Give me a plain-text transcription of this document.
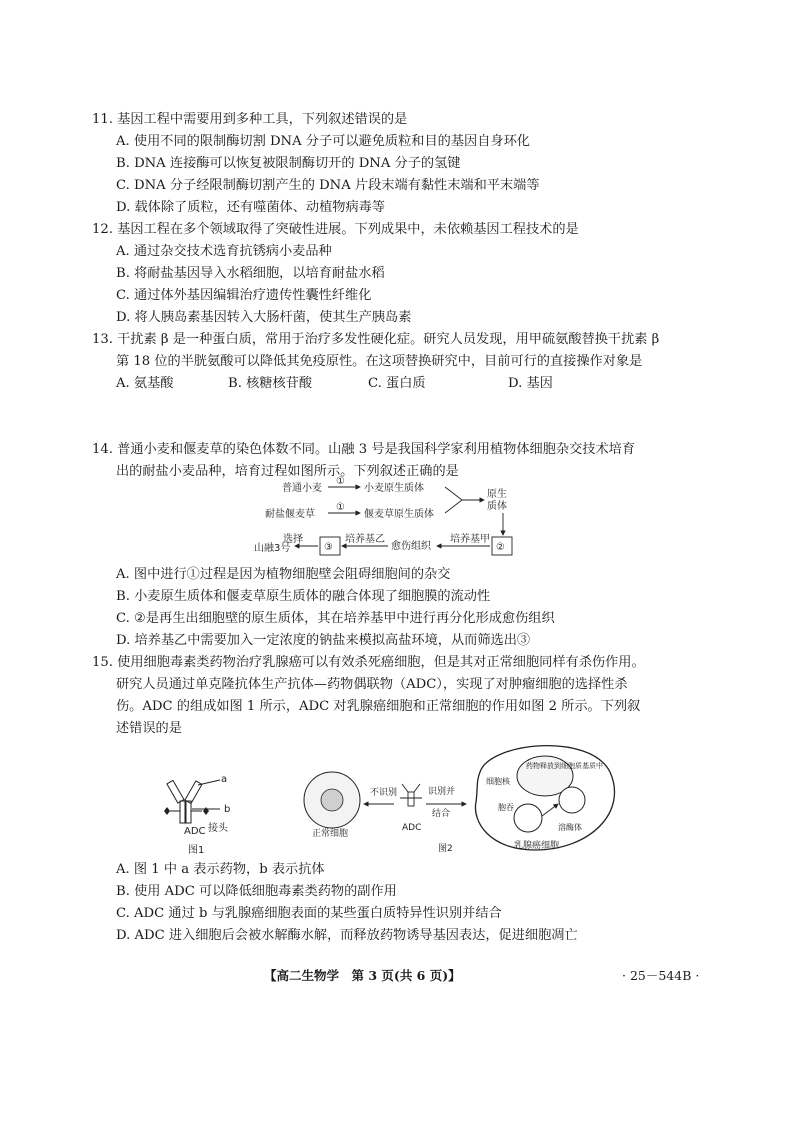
11. 基因工程中需要用到多种工具，下列叙述错误的是
A. 使用不同的限制酶切割 DNA 分子可以避免质粒和目的基因自身环化
B. DNA 连接酶可以恢复被限制酶切开的 DNA 分子的氢键
C. DNA 分子经限制酶切割产生的 DNA 片段末端有黏性末端和平末端等
D. 载体除了质粒，还有噬菌体、动植物病毒等
12. 基因工程在多个领域取得了突破性进展。下列成果中，未依赖基因工程技术的是
A. 通过杂交技术选育抗锈病小麦品种
B. 将耐盐基因导入水稻细胞，以培育耐盐水稻
C. 通过体外基因编辑治疗遗传性囊性纤维化
D. 将人胰岛素基因转入大肠杆菌，使其生产胰岛素
13. 干扰素 β 是一种蛋白质，常用于治疗多发性硬化症。研究人员发现，用甲硫氨酸替换干扰素 β
第 18 位的半胱氨酸可以降低其免疫原性。在这项替换研究中，目前可行的直接操作对象是
A. 氨基酸	B. 核糖核苷酸	C. 蛋白质	D. 基因
14. 普通小麦和偃麦草的染色体数不同。山融 3 号是我国科学家利用植物体细胞杂交技术培育
出的耐盐小麦品种，培育过程如图所示。下列叙述正确的是
普通小麦
耐盐偃麦草
①
①
小麦原生质体
偃麦草原生质体
原生
质体
培养基甲
愈伤组织
培养基乙
选择
山融3号	②
③
A. 图中进行①过程是因为植物细胞壁会阻碍细胞间的杂交
B. 小麦原生质体和偃麦草原生质体的融合体现了细胞膜的流动性
C. ②是再生出细胞壁的原生质体，其在培养基甲中进行再分化形成愈伤组织
D. 培养基乙中需要加入一定浓度的钠盐来模拟高盐环境，从而筛选出③
15. 使用细胞毒素类药物治疗乳腺癌可以有效杀死癌细胞，但是其对正常细胞同样有杀伤作用。
研究人员通过单克隆抗体生产抗体—药物偶联物（ADC），实现了对肿瘤细胞的选择性杀
伤。ADC 的组成如图 1 所示，ADC 对乳腺癌细胞和正常细胞的作用如图 2 所示。下列叙
述错误的是
a
b
ADC 接头
图1
不识别
ADC
识别并
结合
正常细胞
细胞核
药物释放到细胞质基质中
胞吞
溶酶体
乳腺癌细胞
图2
A. 图 1 中 a 表示药物，b 表示抗体
B. 使用 ADC 可以降低细胞毒素类药物的副作用
C. ADC 通过 b 与乳腺癌细胞表面的某些蛋白质特异性识别并结合
D. ADC 进入细胞后会被水解酶水解，而释放药物诱导基因表达，促进细胞凋亡
【高二生物学　第 3 页(共 6 页)】	· 25－544B ·
